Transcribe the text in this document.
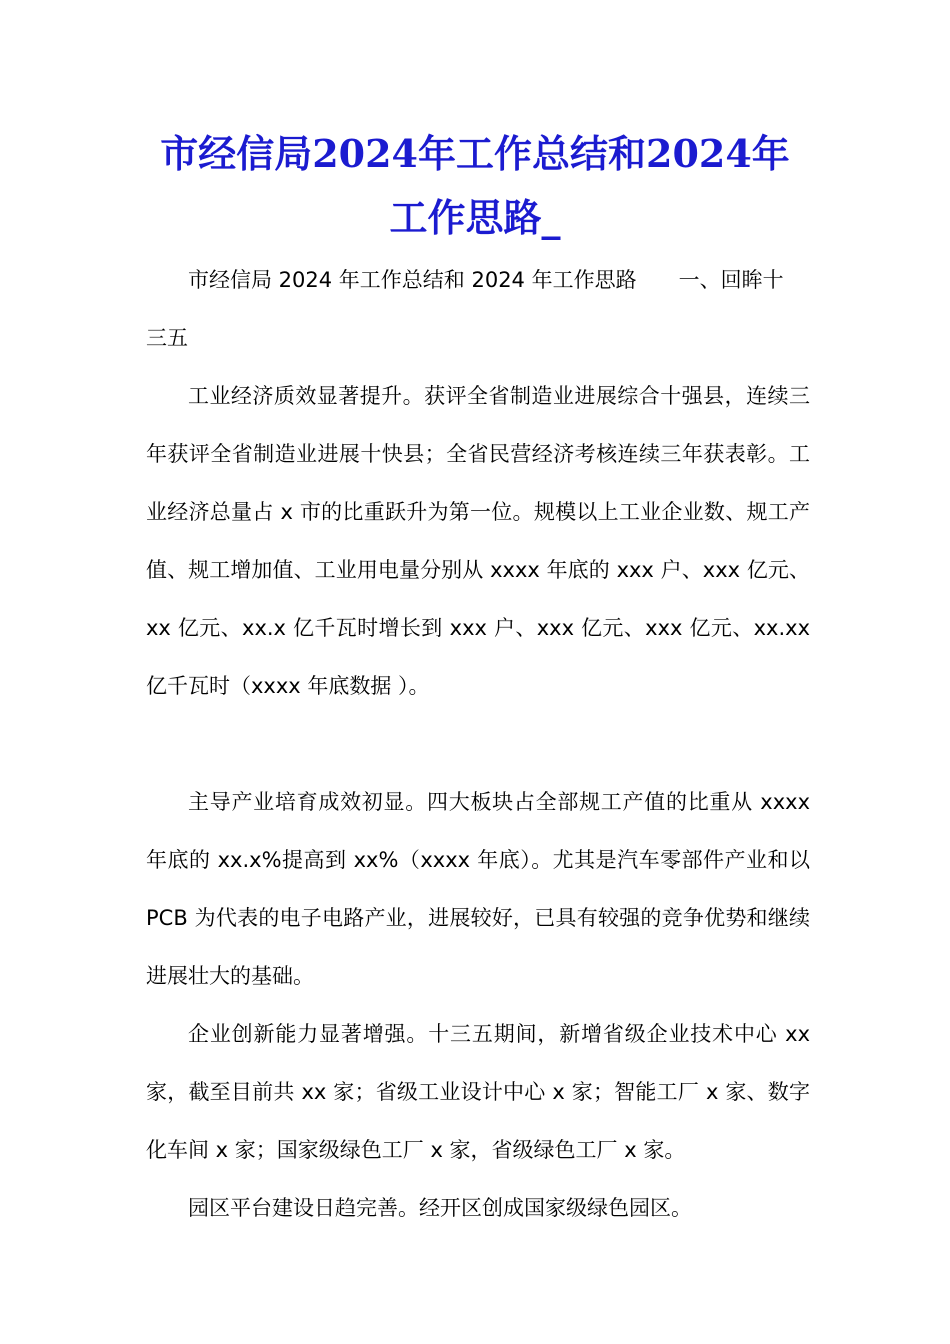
市经信局2024年工作总结和2024年
工作思路_

市经信局 2024 年工作总结和 2024 年工作思路　　一、回眸十

三五

工业经济质效显著提升。获评全省制造业进展综合十强县，连续三年获评全省制造业进展十快县；全省民营经济考核连续三年获表彰。工业经济总量占 x 市的比重跃升为第一位。规模以上工业企业数、规工产值、规工增加值、工业用电量分别从 xxxx 年底的 xxx 户、xxx 亿元、xx 亿元、xx.x 亿千瓦时增长到 xxx 户、xxx 亿元、xxx 亿元、xx.xx 亿千瓦时（xxxx 年底数据 ）。

主导产业培育成效初显。四大板块占全部规工产值的比重从 xxxx 年底的 xx.x%提高到 xx%（xxxx 年底）。尤其是汽车零部件产业和以 PCB 为代表的电子电路产业，进展较好，已具有较强的竞争优势和继续进展壮大的基础。

企业创新能力显著增强。十三五期间，新增省级企业技术中心 xx 家，截至目前共 xx 家；省级工业设计中心 x 家；智能工厂 x 家、数字化车间 x 家；国家级绿色工厂 x 家，省级绿色工厂 x 家。

园区平台建设日趋完善。经开区创成国家级绿色园区。
